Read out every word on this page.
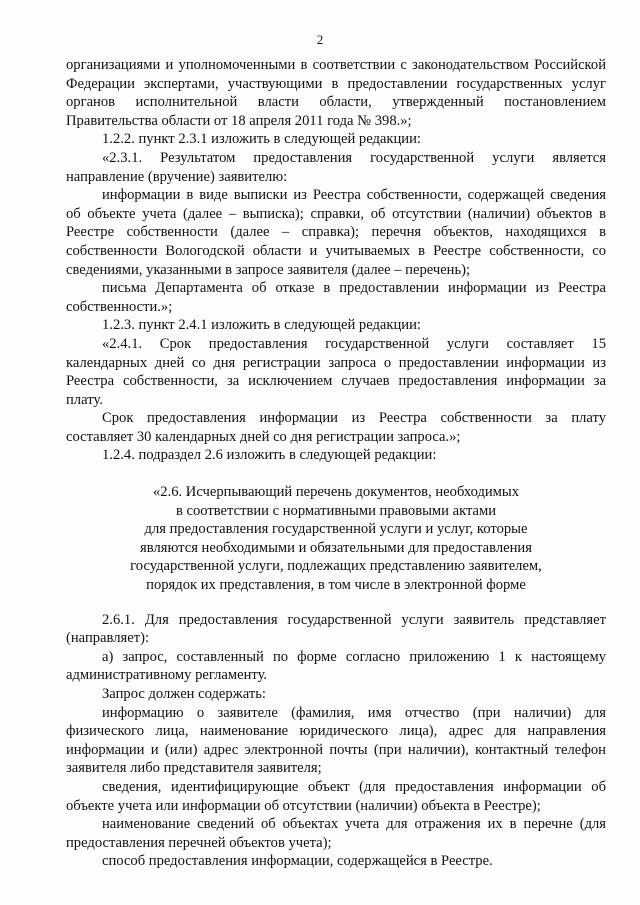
2

организациями и уполномоченными в соответствии с законодательством Российской Федерации экспертами, участвующими в предоставлении государственных услуг органов исполнительной власти области, утвержденный постановлением Правительства области от 18 апреля 2011 года № 398.»;

1.2.2. пункт 2.3.1 изложить в следующей редакции:

«2.3.1. Результатом предоставления государственной услуги является направление (вручение) заявителю:

информации в виде выписки из Реестра собственности, содержащей сведения об объекте учета (далее – выписка); справки, об отсутствии (наличии) объектов в Реестре собственности (далее – справка); перечня объектов, находящихся в собственности Вологодской области и учитываемых в Реестре собственности, со сведениями, указанными в запросе заявителя (далее – перечень);

письма Департамента об отказе в предоставлении информации из Реестра собственности.»;

1.2.3. пункт 2.4.1 изложить в следующей редакции:

«2.4.1. Срок предоставления государственной услуги составляет 15 календарных дней со дня регистрации запроса о предоставлении информации из Реестра собственности, за исключением случаев предоставления информации за плату.

Срок предоставления информации из Реестра собственности за плату составляет 30 календарных дней со дня регистрации запроса.»;

1.2.4. подраздел 2.6 изложить в следующей редакции:

«2.6. Исчерпывающий перечень документов, необходимых
в соответствии с нормативными правовыми актами
для предоставления государственной услуги и услуг, которые
являются необходимыми и обязательными для предоставления
государственной услуги, подлежащих представлению заявителем,
порядок их представления, в том числе в электронной форме

2.6.1. Для предоставления государственной услуги заявитель представляет (направляет):

а) запрос, составленный по форме согласно приложению 1 к настоящему административному регламенту.

Запрос должен содержать:

информацию о заявителе (фамилия, имя отчество (при наличии) для физического лица, наименование юридического лица), адрес для направления информации и (или) адрес электронной почты (при наличии), контактный телефон заявителя либо представителя заявителя;

сведения, идентифицирующие объект (для предоставления информации об объекте учета или информации об отсутствии (наличии) объекта в Реестре);

наименование сведений об объектах учета для отражения их в перечне (для предоставления перечней объектов учета);

способ предоставления информации, содержащейся в Реестре.
